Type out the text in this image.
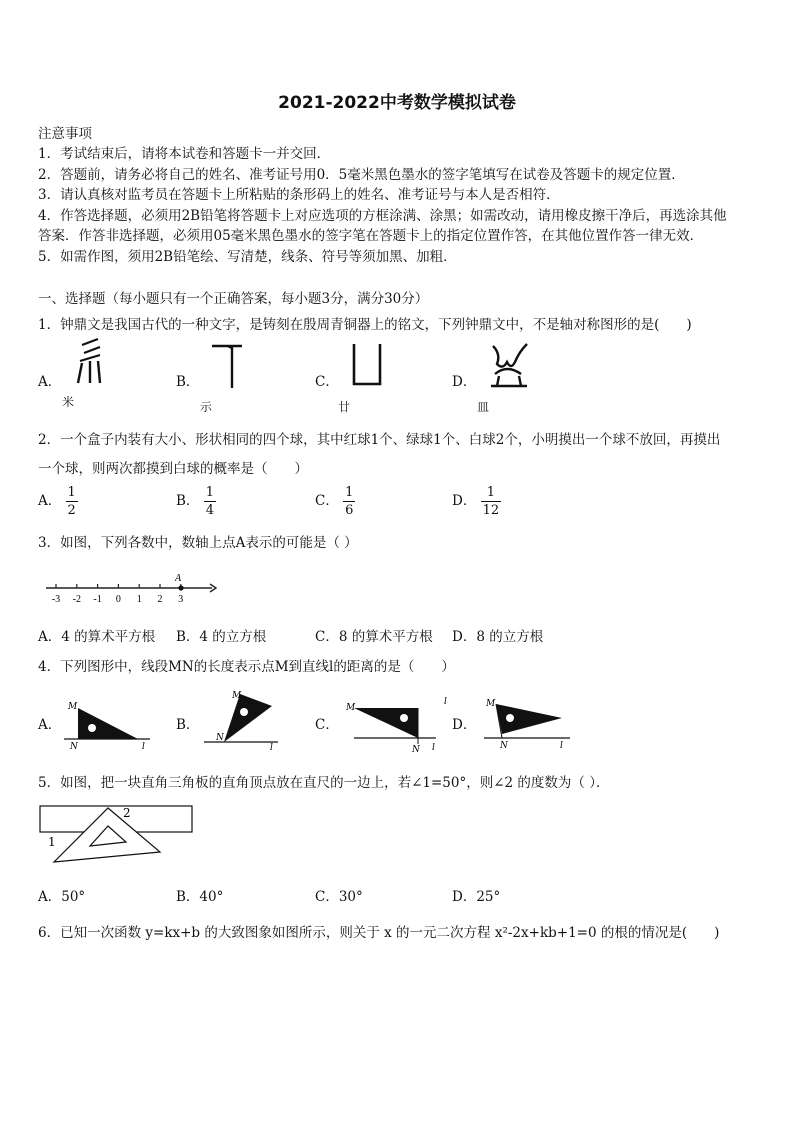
2021-2022中考数学模拟试卷
注意事项
1．考试结束后，请将本试卷和答题卡一并交回．
2．答题前，请务必将自己的姓名、准考证号用0．5毫米黑色墨水的签字笔填写在试卷及答题卡的规定位置．
3．请认真核对监考员在答题卡上所粘贴的条形码上的姓名、准考证号与本人是否相符．
4．作答选择题，必须用2B铅笔将答题卡上对应选项的方框涂满、涂黑；如需改动，请用橡皮擦干净后，再选涂其他
答案．作答非选择题，必须用05毫米黑色墨水的签字笔在答题卡上的指定位置作答，在其他位置作答一律无效．
5．如需作图，须用2B铅笔绘、写清楚，线条、符号等须加黑、加粗．
一、选择题（每小题只有一个正确答案，每小题3分，满分30分）
1．钟鼎文是我国古代的一种文字，是铸刻在殷周青铜器上的铭文，下列钟鼎文中，不是轴对称图形的是(　　)
A．	B．	C．	D．
米	示	廿	皿
2．一个盒子内装有大小、形状相同的四个球，其中红球1个、绿球1个、白球2个，小明摸出一个球不放回，再摸出
一个球，则两次都摸到白球的概率是（　　）
A． $\frac{1}{2}$	B． $\frac{1}{4}$	C． $\frac{1}{6}$	D． $\frac{1}{12}$
3．如图，下列各数中，数轴上点A表示的可能是（ ）
-3 -2 -1 0 1 2 3
A
A．4 的算术平方根 B．4 的立方根	C．8 的算术平方根 D．8 的立方根
4．下列图形中，线段MN的长度表示点M到直线l的距离的是（　　）
A．	B．	C．	D．
M
N	l
M
N
l
M
N l
l	M
N	l
5．如图，把一块直角三角板的直角顶点放在直尺的一边上，若∠1=50°，则∠2 的度数为（ ）．
1
2
A．50°	B．40°	C．30°	D．25°
6．已知一次函数 y=kx+b 的大致图象如图所示，则关于 x 的一元二次方程 x²-2x+kb+1=0 的根的情况是(　　)
